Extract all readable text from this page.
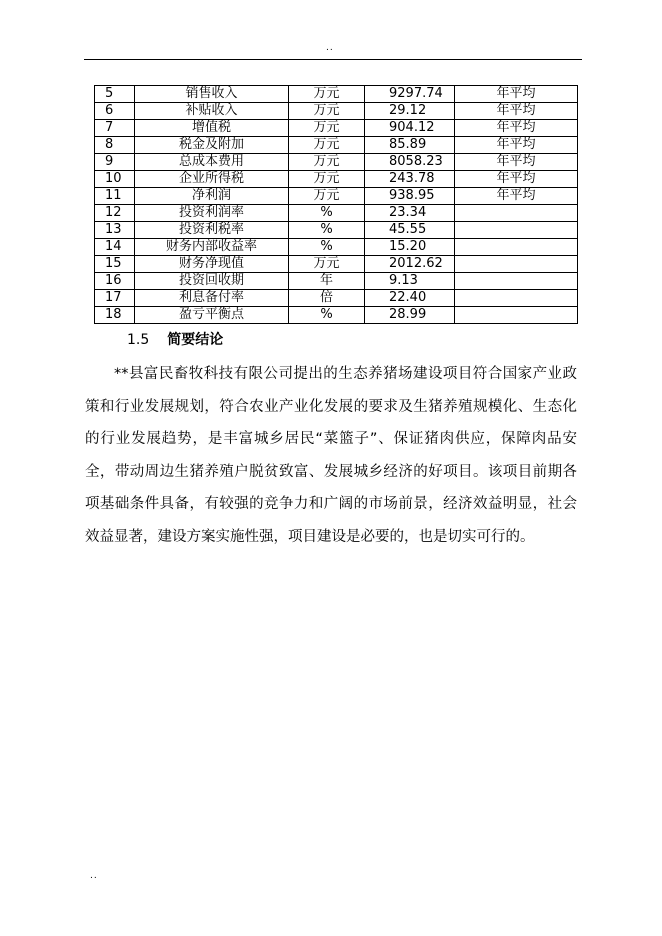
..
5	销售收入	万元	9297.74	年平均
6	补贴收入	万元	29.12	年平均
7	增值税	万元	904.12	年平均
8	税金及附加	万元	85.89	年平均
9	总成本费用	万元	8058.23	年平均
10	企业所得税	万元	243.78	年平均
11	净利润	万元	938.95	年平均
12	投资利润率	%	23.34	
13	投资利税率	%	45.55	
14	财务内部收益率	%	15.20	
15	财务净现值	万元	2012.62	
16	投资回收期	年	9.13	
17	利息备付率	倍	22.40	
18	盈亏平衡点	%	28.99	
1.5 简要结论

**县富民畜牧科技有限公司提出的生态养猪场建设项目符合国家产业政策和行业发展规划，符合农业产业化发展的要求及生猪养殖规模化、生态化的行业发展趋势，是丰富城乡居民“菜篮子”、保证猪肉供应，保障肉品安全，带动周边生猪养殖户脱贫致富、发展城乡经济的好项目。该项目前期各项基础条件具备，有较强的竞争力和广阔的市场前景，经济效益明显，社会效益显著，建设方案实施性强，项目建设是必要的，也是切实可行的。

..
